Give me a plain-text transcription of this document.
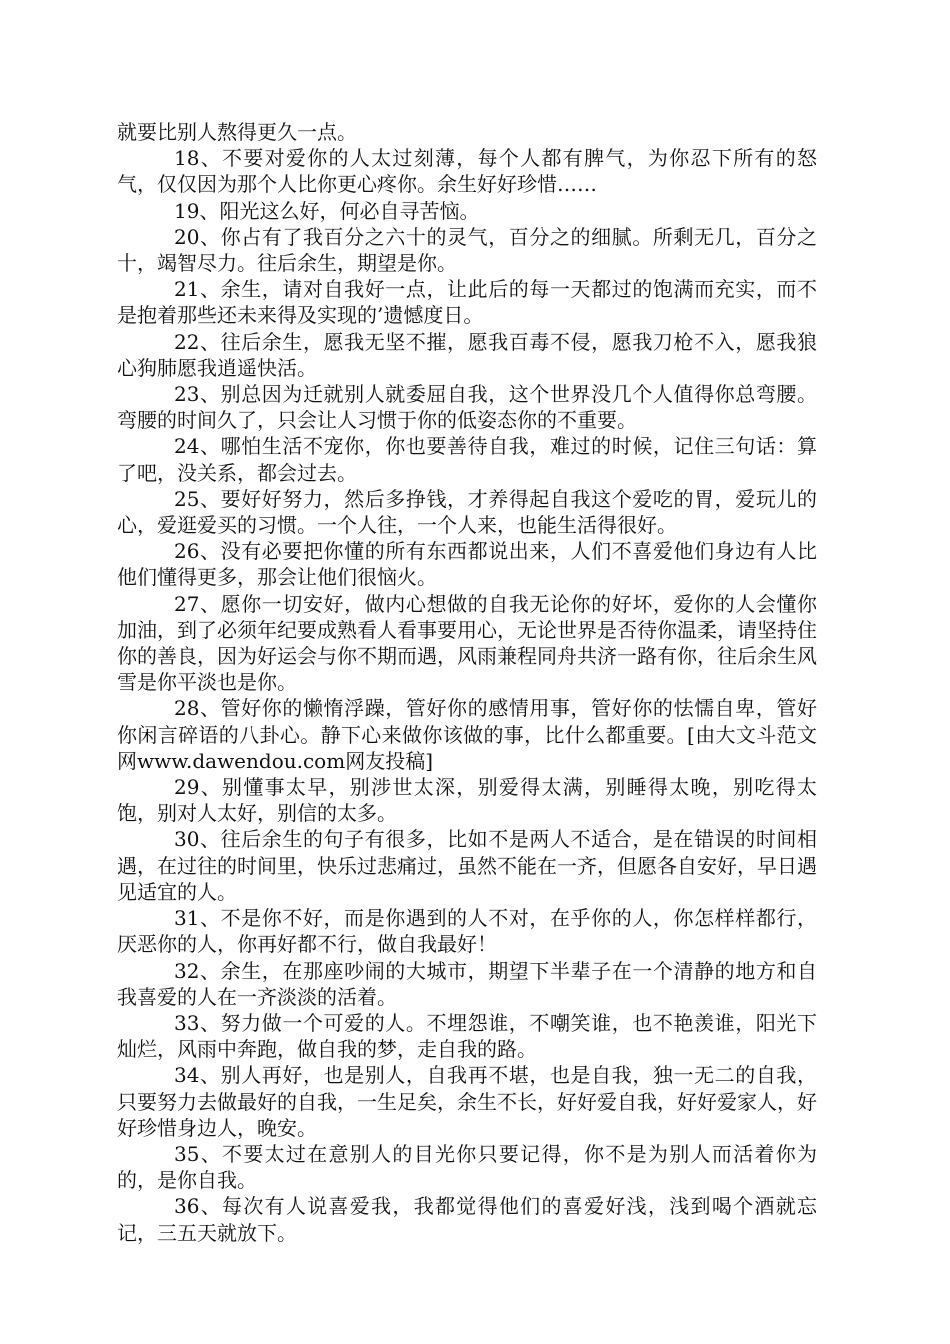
就要比别人熬得更久一点。

18、不要对爱你的人太过刻薄，每个人都有脾气，为你忍下所有的怒气，仅仅因为那个人比你更心疼你。余生好好珍惜……

19、阳光这么好，何必自寻苦恼。

20、你占有了我百分之六十的灵气，百分之的细腻。所剩无几，百分之十，竭智尽力。往后余生，期望是你。

21、余生，请对自我好一点，让此后的每一天都过的饱满而充实，而不是抱着那些还未来得及实现的’遗憾度日。

22、往后余生，愿我无坚不摧，愿我百毒不侵，愿我刀枪不入，愿我狼心狗肺愿我逍遥快活。

23、别总因为迁就别人就委屈自我，这个世界没几个人值得你总弯腰。弯腰的时间久了，只会让人习惯于你的低姿态你的不重要。

24、哪怕生活不宠你，你也要善待自我，难过的时候，记住三句话：算了吧，没关系，都会过去。

25、要好好努力，然后多挣钱，才养得起自我这个爱吃的胃，爱玩儿的心，爱逛爱买的习惯。一个人往，一个人来，也能生活得很好。

26、没有必要把你懂的所有东西都说出来，人们不喜爱他们身边有人比他们懂得更多，那会让他们很恼火。

27、愿你一切安好，做内心想做的自我无论你的好坏，爱你的人会懂你加油，到了必须年纪要成熟看人看事要用心，无论世界是否待你温柔，请坚持住你的善良，因为好运会与你不期而遇，风雨兼程同舟共济一路有你，往后余生风雪是你平淡也是你。

28、管好你的懒惰浮躁，管好你的感情用事，管好你的怯懦自卑，管好你闲言碎语的八卦心。静下心来做你该做的事，比什么都重要。[由大文斗范文网www.dawendou.com网友投稿]

29、别懂事太早，别涉世太深，别爱得太满，别睡得太晚，别吃得太饱，别对人太好，别信的太多。

30、往后余生的句子有很多，比如不是两人不适合，是在错误的时间相遇，在过往的时间里，快乐过悲痛过，虽然不能在一齐，但愿各自安好，早日遇见适宜的人。

31、不是你不好，而是你遇到的人不对，在乎你的人，你怎样样都行，厌恶你的人，你再好都不行，做自我最好！

32、余生，在那座吵闹的大城市，期望下半辈子在一个清静的地方和自我喜爱的人在一齐淡淡的活着。

33、努力做一个可爱的人。不埋怨谁，不嘲笑谁，也不艳羡谁，阳光下灿烂，风雨中奔跑，做自我的梦，走自我的路。

34、别人再好，也是别人，自我再不堪，也是自我，独一无二的自我，只要努力去做最好的自我，一生足矣，余生不长，好好爱自我，好好爱家人，好好珍惜身边人，晚安。

35、不要太过在意别人的目光你只要记得，你不是为别人而活着你为的，是你自我。

36、每次有人说喜爱我，我都觉得他们的喜爱好浅，浅到喝个酒就忘记，三五天就放下。
